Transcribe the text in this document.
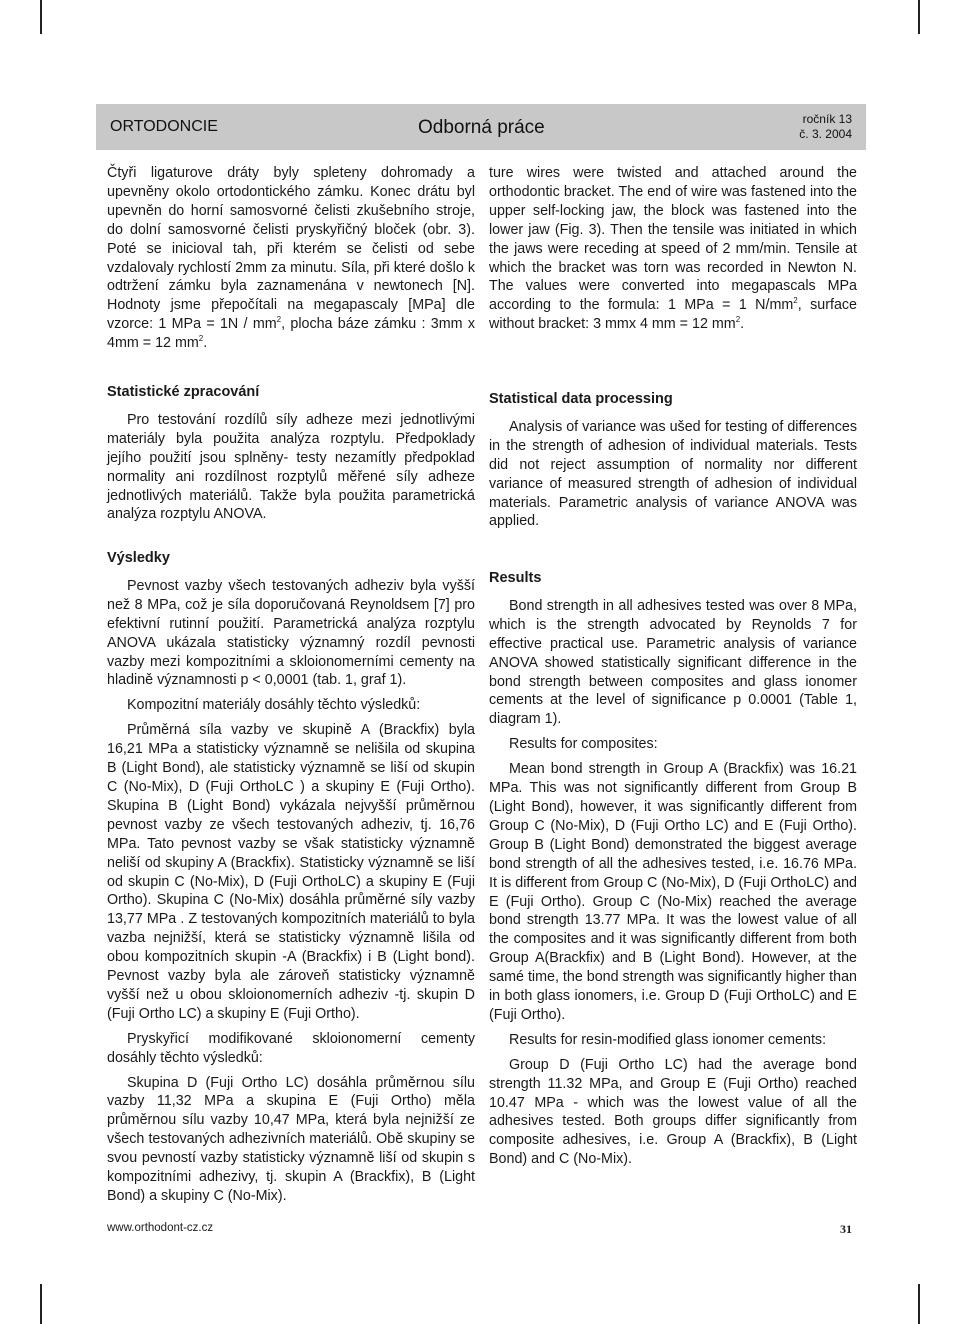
ORTODONCIE	Odborná práce	ročník 13
č. 3. 2004

Čtyři ligaturove dráty byly spleteny dohromady a upevněny okolo ortodontického zámku. Konec drátu byl upevněn do horní samosvorné čelisti zkušebního stroje, do dolní samosvorné čelisti pryskyřičný bloček (obr. 3). Poté se inicioval tah, při kterém se čelisti od sebe vzdalovaly rychlostí 2mm za minutu. Síla, při které došlo k odtržení zámku byla zaznamenána v newtonech [N]. Hodnoty jsme přepočítali na megapascaly [MPa] dle vzorce: 1 MPa = $1N / mm^2$, plocha báze zámku : 3mm x 4mm = 12 $mm^2$.

ture wires were twisted and attached around the orthodontic bracket. The end of wire was fastened into the upper self-locking jaw, the block was fastened into the lower jaw (Fig. 3). Then the tensile was initiated in which the jaws were receding at speed of 2 mm/min. Tensile at which the bracket was torn was recorded in Newton N. The values were converted into megapascals MPa according to the formula: 1 MPa = 1 $N/mm^2$, surface without bracket: 3 mmx 4 mm = 12 $mm^2$.

Statistické zpracování

Pro testování rozdílů síly adheze mezi jednotlivými materiály byla použita analýza rozptylu. Předpoklady jejího použití jsou splněny- testy nezamítly předpoklad normality ani rozdílnost rozptylů měřené síly adheze jednotlivých materiálů. Takže byla použita parametrická analýza rozptylu ANOVA.

Statistical data processing

Analysis of variance was ušed for testing of differences in the strength of adhesion of individual materials. Tests did not reject assumption of normality nor different variance of measured strength of adhesion of individual materials. Parametric analysis of variance ANOVA was applied.

Výsledky

Pevnost vazby všech testovaných adheziv byla vyšší než 8 MPa, což je síla doporučovaná Reynoldsem [7] pro efektivní rutinní použití. Parametrická analýza rozptylu ANOVA ukázala statisticky významný rozdíl pevnosti vazby mezi kompozitními a skloionomerními cementy na hladině významnosti p < 0,0001 (tab. 1, graf 1).

Kompozitní materiály dosáhly těchto výsledků:

Průměrná síla vazby ve skupině A (Brackfix) byla 16,21 MPa a statisticky významně se nelišila od skupina B (Light Bond), ale statisticky významně se liší od skupin C (No-Mix), D (Fuji OrthoLC ) a skupiny E (Fuji Ortho). Skupina B (Light Bond) vykázala nejvyšší průměrnou pevnost vazby ze všech testovaných adheziv, tj. 16,76 MPa. Tato pevnost vazby se však statisticky významně neliší od skupiny A (Brackfix). Statisticky významně se liší od skupin C (No-Mix), D (Fuji OrthoLC) a skupiny E (Fuji Ortho). Skupina C (No-Mix) dosáhla průměrné síly vazby 13,77 MPa . Z testovaných kompozitních materiálů to byla vazba nejnižší, která se statisticky významně lišila od obou kompozitních skupin -A (Brackfix) i B (Light bond). Pevnost vazby byla ale zároveň statisticky významně vyšší než u obou skloionomerních adheziv -tj. skupin D (Fuji Ortho LC) a skupiny E (Fuji Ortho).

Pryskyřicí modifikované skloionomerní cementy dosáhly těchto výsledků:

Skupina D (Fuji Ortho LC) dosáhla průměrnou sílu vazby 11,32 MPa a skupina E (Fuji Ortho) měla průměrnou sílu vazby 10,47 MPa, která byla nejnižší ze všech testovaných adhezivních materiálů. Obě skupiny se svou pevností vazby statisticky významně liší od skupin s kompozitními adhezivy, tj. skupin A (Brackfix), B (Light Bond) a skupiny C (No-Mix).

Results

Bond strength in all adhesives tested was over 8 MPa, which is the strength advocated by Reynolds 7 for effective practical use. Parametric analysis of variance ANOVA showed statistically significant difference in the bond strength between composites and glass ionomer cements at the level of significance p 0.0001 (Table 1, diagram 1).

Results for composites:

Mean bond strength in Group A (Brackfix) was 16.21 MPa. This was not significantly different from Group B (Light Bond), however, it was significantly different from Group C (No-Mix), D (Fuji Ortho LC) and E (Fuji Ortho). Group B (Light Bond) demonstrated the biggest average bond strength of all the adhesives tested, i.e. 16.76 MPa. It is different from Group C (No-Mix), D (Fuji OrthoLC) and E (Fuji Ortho). Group C (No-Mix) reached the average bond strength 13.77 MPa. It was the lowest value of all the composites and it was significantly different from both Group A(Brackfix) and B (Light Bond). However, at the samé time, the bond strength was significantly higher than in both glass ionomers, i.e. Group D (Fuji OrthoLC) and E (Fuji Ortho).

Results for resin-modified glass ionomer cements:

Group D (Fuji Ortho LC) had the average bond strength 11.32 MPa, and Group E (Fuji Ortho) reached 10.47 MPa - which was the lowest value of all the adhesives tested. Both groups differ significantly from composite adhesives, i.e. Group A (Brackfix), B (Light Bond) and C (No-Mix).

www.orthodont-cz.cz	31
